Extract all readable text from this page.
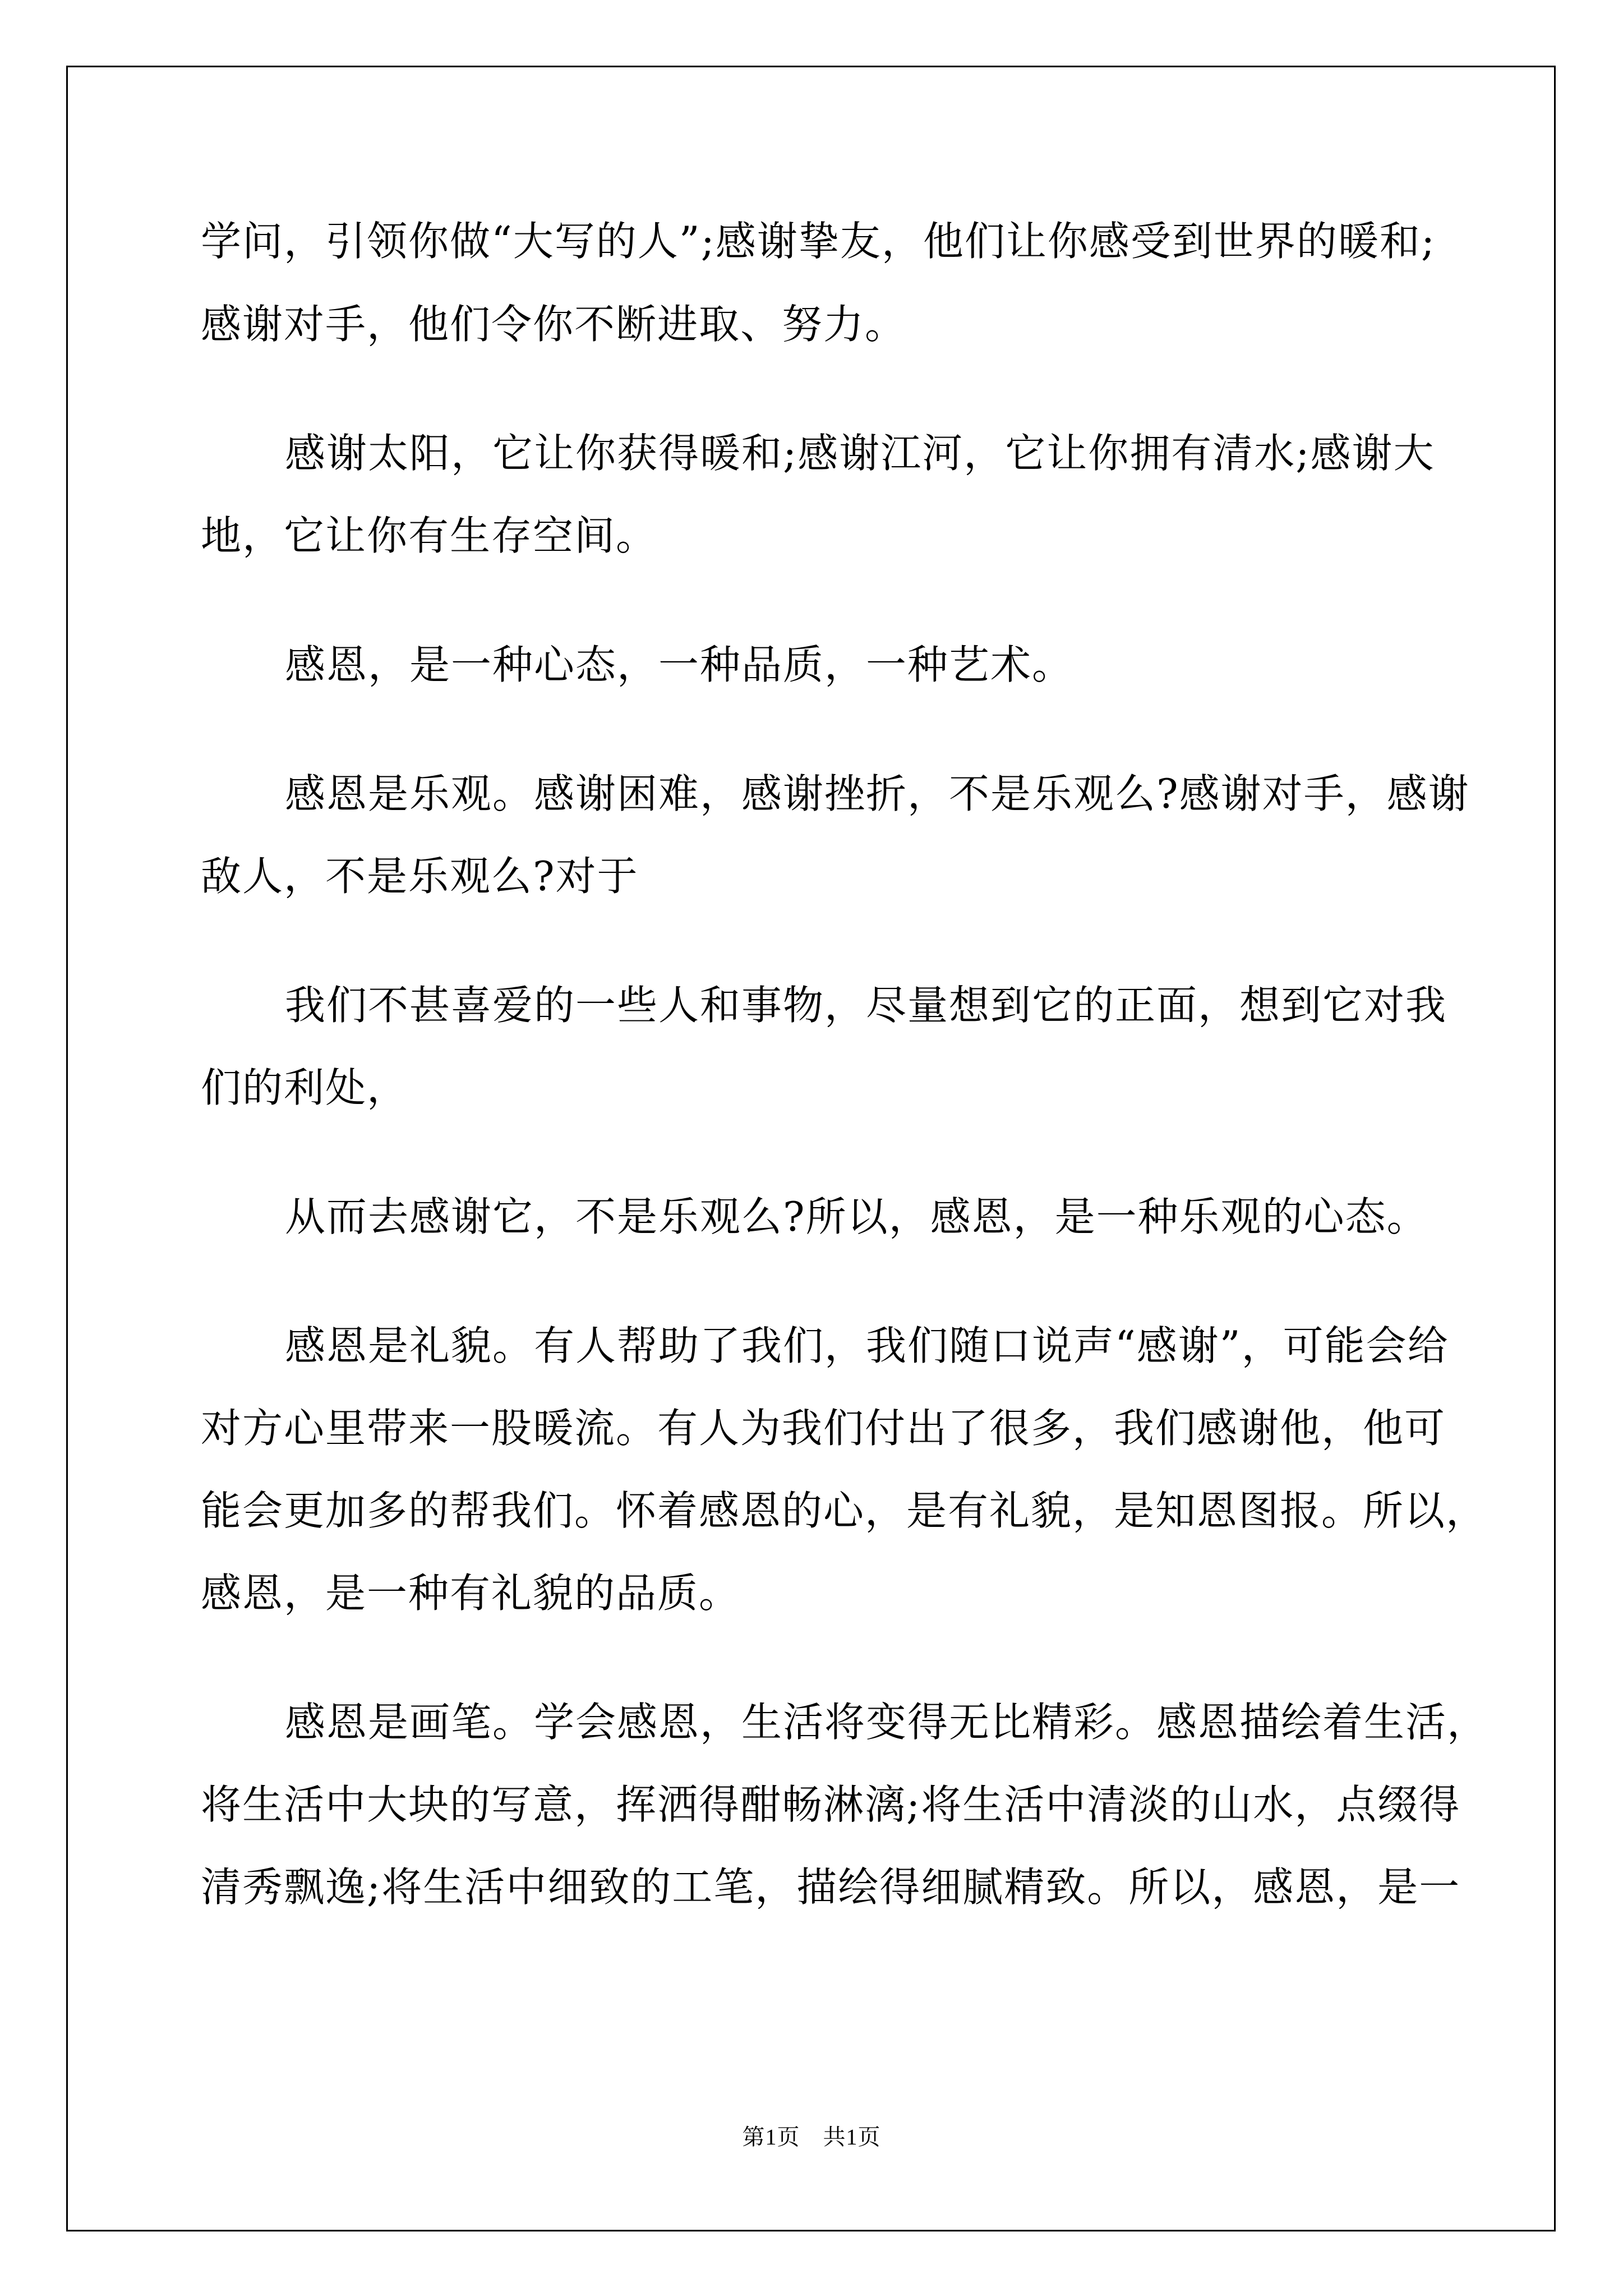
学问，引领你做“大写的人”;感谢挚友，他们让你感受到世界的暖和;
感谢对手，他们令你不断进取、努力。
感谢太阳，它让你获得暖和;感谢江河，它让你拥有清水;感谢大
地，它让你有生存空间。
感恩，是一种心态，一种品质，一种艺术。
感恩是乐观。感谢困难，感谢挫折，不是乐观么?感谢对手，感谢
敌人，不是乐观么?对于
我们不甚喜爱的一些人和事物，尽量想到它的正面，想到它对我
们的利处，
从而去感谢它，不是乐观么?所以，感恩，是一种乐观的心态。
感恩是礼貌。有人帮助了我们，我们随口说声“感谢”，可能会给
对方心里带来一股暖流。有人为我们付出了很多，我们感谢他，他可
能会更加多的帮我们。怀着感恩的心，是有礼貌，是知恩图报。所以，
感恩，是一种有礼貌的品质。
感恩是画笔。学会感恩，生活将变得无比精彩。感恩描绘着生活，
将生活中大块的写意，挥洒得酣畅淋漓;将生活中清淡的山水，点缀得
清秀飘逸;将生活中细致的工笔，描绘得细腻精致。所以，感恩，是一
第1页　共1页
